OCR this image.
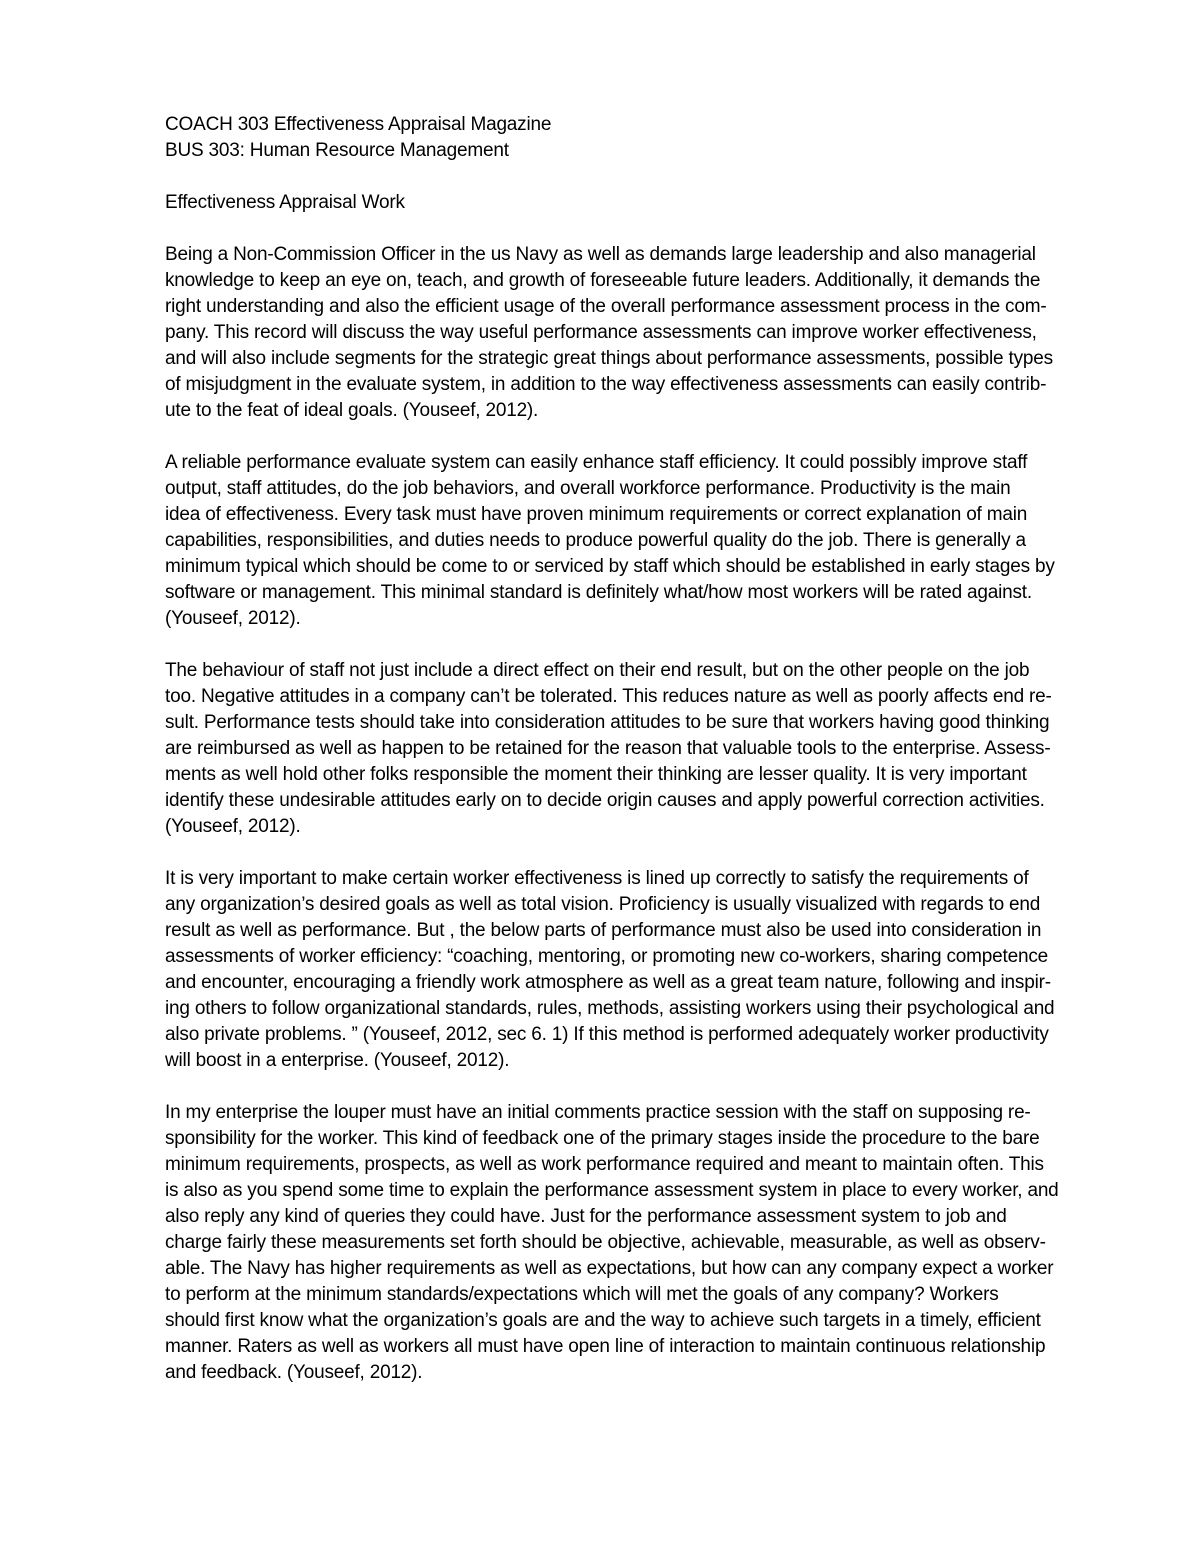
COACH 303 Effectiveness Appraisal Magazine
BUS 303: Human Resource Management
Effectiveness Appraisal Work
Being a Non-Commission Officer in the us Navy as well as demands large leadership and also managerial
knowledge to keep an eye on, teach, and growth of foreseeable future leaders. Additionally, it demands the
right understanding and also the efficient usage of the overall performance assessment process in the com-
pany. This record will discuss the way useful performance assessments can improve worker effectiveness,
and will also include segments for the strategic great things about performance assessments, possible types
of misjudgment in the evaluate system, in addition to the way effectiveness assessments can easily contrib-
ute to the feat of ideal goals. (Youseef, 2012).
A reliable performance evaluate system can easily enhance staff efficiency. It could possibly improve staff
output, staff attitudes, do the job behaviors, and overall workforce performance. Productivity is the main
idea of effectiveness. Every task must have proven minimum requirements or correct explanation of main
capabilities, responsibilities, and duties needs to produce powerful quality do the job. There is generally a
minimum typical which should be come to or serviced by staff which should be established in early stages by
software or management. This minimal standard is definitely what/how most workers will be rated against.
(Youseef, 2012).
The behaviour of staff not just include a direct effect on their end result, but on the other people on the job
too. Negative attitudes in a company can’t be tolerated. This reduces nature as well as poorly affects end re-
sult. Performance tests should take into consideration attitudes to be sure that workers having good thinking
are reimbursed as well as happen to be retained for the reason that valuable tools to the enterprise. Assess-
ments as well hold other folks responsible the moment their thinking are lesser quality. It is very important
identify these undesirable attitudes early on to decide origin causes and apply powerful correction activities.
(Youseef, 2012).
It is very important to make certain worker effectiveness is lined up correctly to satisfy the requirements of
any organization’s desired goals as well as total vision. Proficiency is usually visualized with regards to end
result as well as performance. But , the below parts of performance must also be used into consideration in
assessments of worker efficiency: “coaching, mentoring, or promoting new co-workers, sharing competence
and encounter, encouraging a friendly work atmosphere as well as a great team nature, following and inspir-
ing others to follow organizational standards, rules, methods, assisting workers using their psychological and
also private problems. ” (Youseef, 2012, sec 6. 1) If this method is performed adequately worker productivity
will boost in a enterprise. (Youseef, 2012).
In my enterprise the louper must have an initial comments practice session with the staff on supposing re-
sponsibility for the worker. This kind of feedback one of the primary stages inside the procedure to the bare
minimum requirements, prospects, as well as work performance required and meant to maintain often. This
is also as you spend some time to explain the performance assessment system in place to every worker, and
also reply any kind of queries they could have. Just for the performance assessment system to job and
charge fairly these measurements set forth should be objective, achievable, measurable, as well as observ-
able. The Navy has higher requirements as well as expectations, but how can any company expect a worker
to perform at the minimum standards/expectations which will met the goals of any company? Workers
should first know what the organization’s goals are and the way to achieve such targets in a timely, efficient
manner. Raters as well as workers all must have open line of interaction to maintain continuous relationship
and feedback. (Youseef, 2012).
